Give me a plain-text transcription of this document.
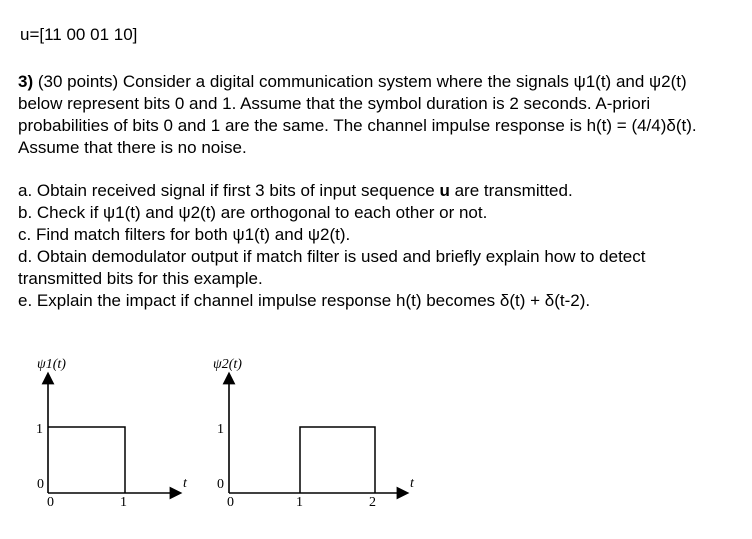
u=[11 00 01 10]
3) (30 points) Consider a digital communication system where the signals ψ1(t) and ψ2(t) below represent bits 0 and 1. Assume that the symbol duration is 2 seconds. A-priori probabilities of bits 0 and 1 are the same. The channel impulse response is h(t) = (4/4)δ(t). Assume that there is no noise.
a. Obtain received signal if first 3 bits of input sequence u are transmitted.
b. Check if ψ1(t) and ψ2(t) are orthogonal to each other or not.
c. Find match filters for both ψ1(t) and ψ2(t).
d. Obtain demodulator output if match filter is used and briefly explain how to detect transmitted bits for this example.
e. Explain the impact if channel impulse response h(t) becomes δ(t) + δ(t-2).
ψ1(t)
1
0
0	1
t
ψ2(t)
1
0
0	1	2
t
